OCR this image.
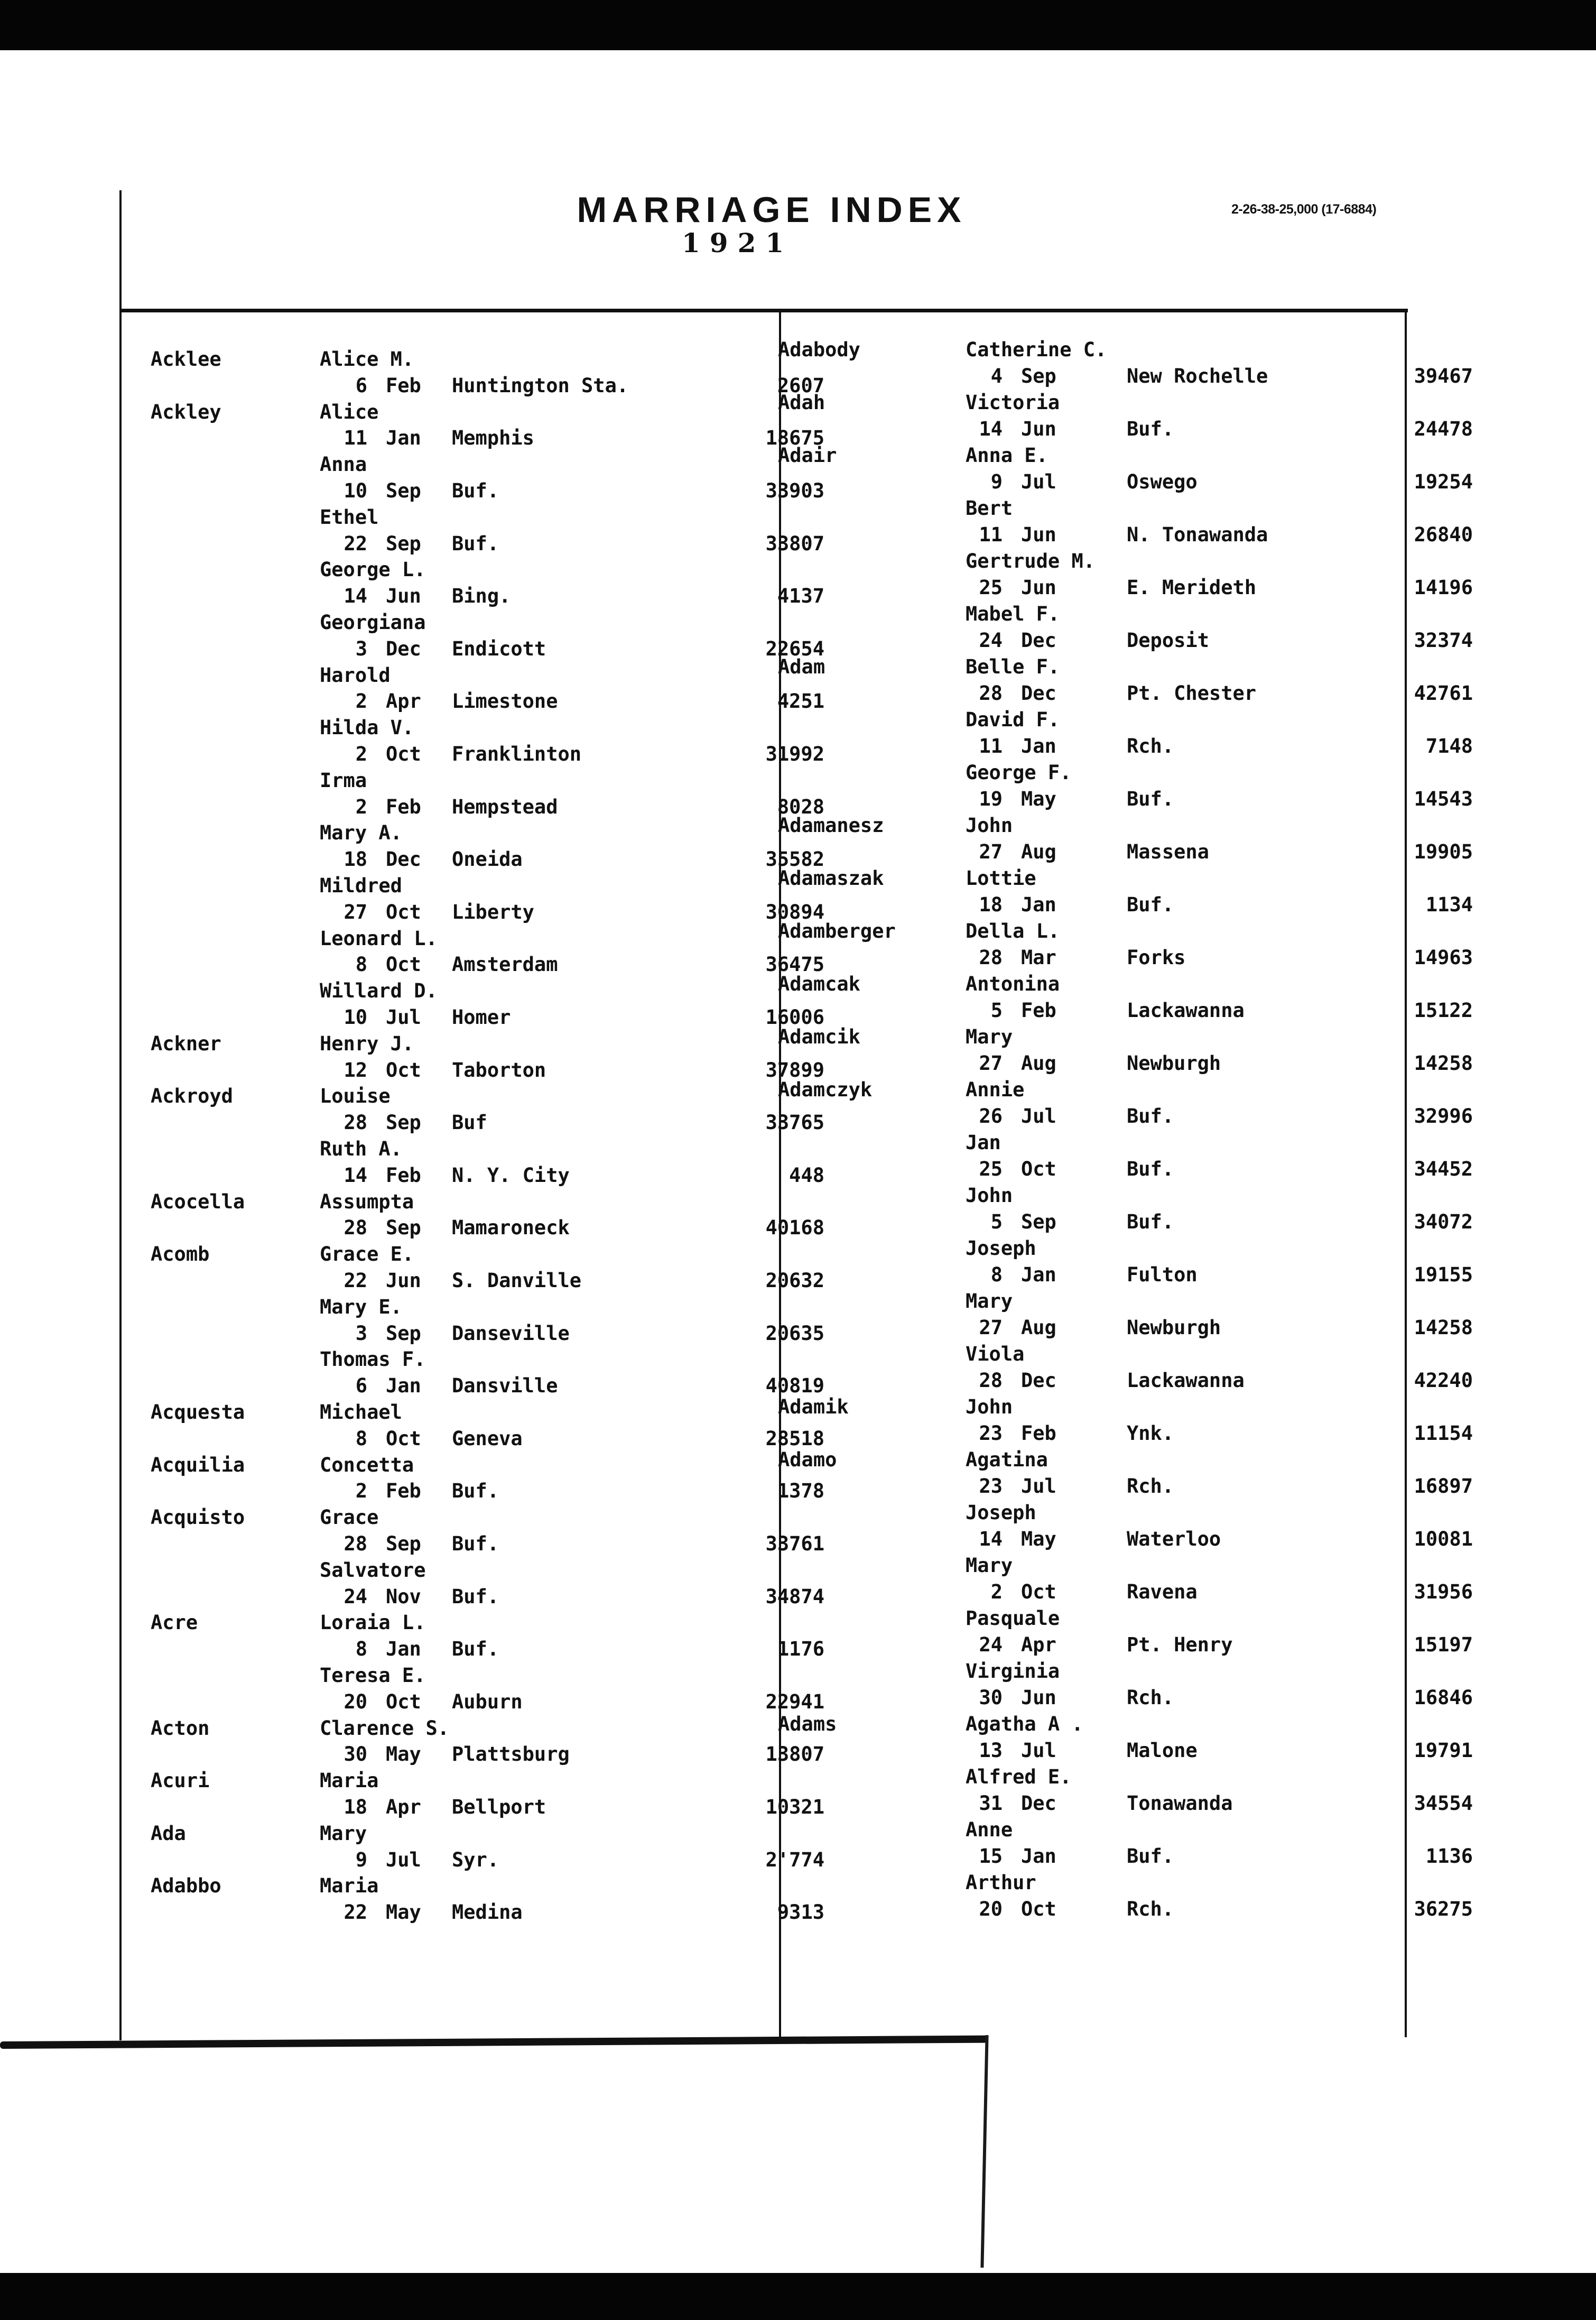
MARRIAGE INDEX
1921
2-26-38-25,000 (17-6884)
Acklee	Alice M.
6 Feb Huntington Sta.	2607
Ackley	Alice
11 Jan Memphis	18675
Anna
10 Sep Buf.	33903
Ethel
22 Sep Buf.	33807
George L.
14 Jun Bing.	4137
Georgiana
3 Dec Endicott	22654
Harold
2 Apr Limestone	4251
Hilda V.
2 Oct Franklinton	31992
Irma
2 Feb Hempstead	8028
Mary A.
18 Dec Oneida	35582
Mildred
27 Oct Liberty	30894
Leonard L.
8 Oct Amsterdam	36475
Willard D.
10 Jul Homer	16006
Ackner	Henry J.
12 Oct Taborton	37899
Ackroyd	Louise
28 Sep Buf	33765
Ruth A.
14 Feb N. Y. City	448
Acocella	Assumpta
28 Sep Mamaroneck	40168
Acomb	Grace E.
22 Jun S. Danville	20632
Mary E.
3 Sep Danseville	20635
Thomas F.
6 Jan Dansville	40819
Acquesta	Michael
8 Oct Geneva	28518
Acquilia	Concetta
2 Feb Buf.	1378
Acquisto	Grace
28 Sep Buf.	33761
Salvatore
24 Nov Buf.	34874
Acre	Loraia L.
8 Jan Buf.	1176
Teresa E.
20 Oct Auburn	22941
Acton	Clarence S.
30 May Plattsburg	13807
Acuri	Maria
18 Apr Bellport	10321
Ada	Mary
9 Jul Syr.	2'774
Adabbo	Maria
22 May Medina	9313
Adabody	Catherine C.
4 Sep	New Rochelle	39467
Adah	Victoria
14 Jun	Buf.	24478
Adair	Anna E.
9 Jul	Oswego	19254
Bert
11 Jun	N. Tonawanda	26840
Gertrude M.
25 Jun	E. Merideth	14196
Mabel F.
24 Dec	Deposit	32374
Adam	Belle F.
28 Dec	Pt. Chester	42761
David F.
11 Jan	Rch.	7148
George F.
19 May	Buf.	14543
Adamanesz	John
27 Aug	Massena	19905
Adamaszak	Lottie
18 Jan	Buf.	1134
Adamberger	Della L.
28 Mar	Forks	14963
Adamcak	Antonina
5 Feb	Lackawanna	15122
Adamcik	Mary
27 Aug	Newburgh	14258
Adamczyk	Annie
26 Jul	Buf.	32996
Jan
25 Oct	Buf.	34452
John
5 Sep	Buf.	34072
Joseph
8 Jan	Fulton	19155
Mary
27 Aug	Newburgh	14258
Viola
28 Dec	Lackawanna	42240
Adamik	John
23 Feb	Ynk.	11154
Adamo	Agatina
23 Jul	Rch.	16897
Joseph
14 May	Waterloo	10081
Mary
2 Oct	Ravena	31956
Pasquale
24 Apr	Pt. Henry	15197
Virginia
30 Jun	Rch.	16846
Adams	Agatha A .
13 Jul	Malone	19791
Alfred E.
31 Dec	Tonawanda	34554
Anne
15 Jan	Buf.	1136
Arthur
20 Oct	Rch.	36275
